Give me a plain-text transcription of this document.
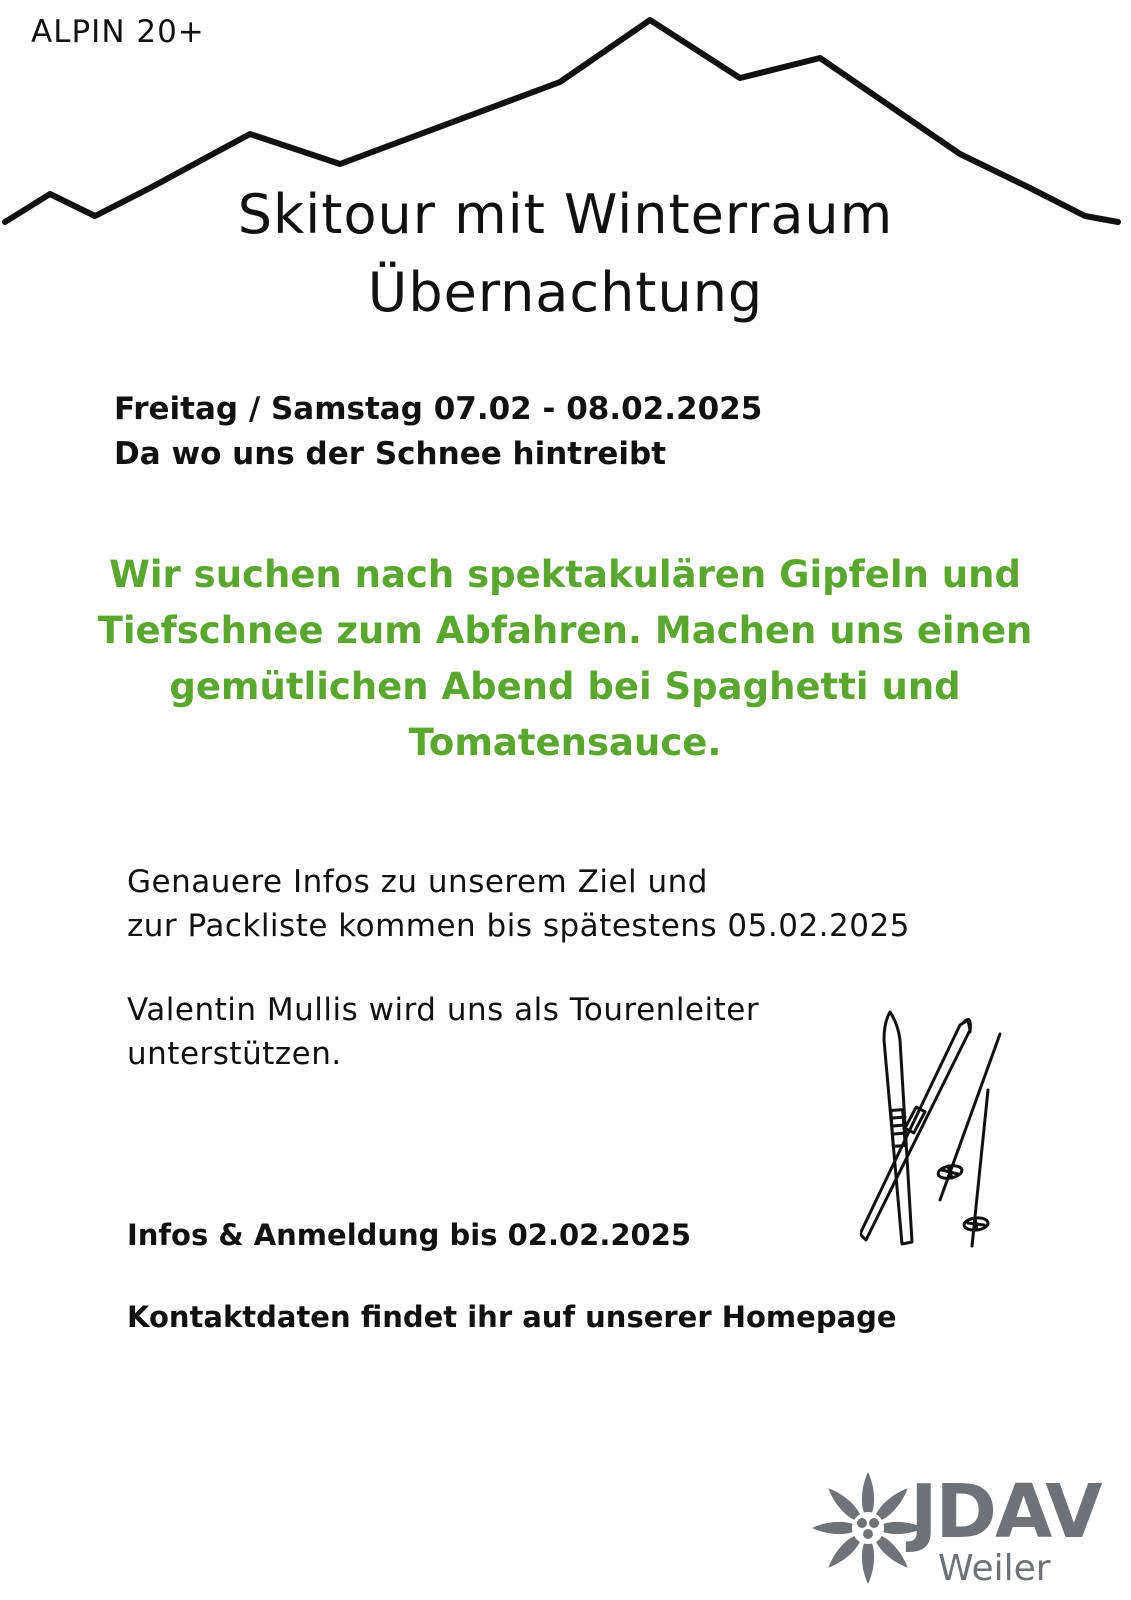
ALPIN 20+
Skitour mit Winterraum
Übernachtung
Freitag / Samstag 07.02 - 08.02.2025
Da wo uns der Schnee hintreibt
Wir suchen nach spektakulären Gipfeln und
Tiefschnee zum Abfahren. Machen uns einen
gemütlichen Abend bei Spaghetti und
Tomatensauce.
Genauere Infos zu unserem Ziel und
zur Packliste kommen bis spätestens 05.02.2025
Valentin Mullis wird uns als Tourenleiter
unterstützen.
Infos & Anmeldung bis 02.02.2025
Kontaktdaten findet ihr auf unserer Homepage
JDAV
Weiler
